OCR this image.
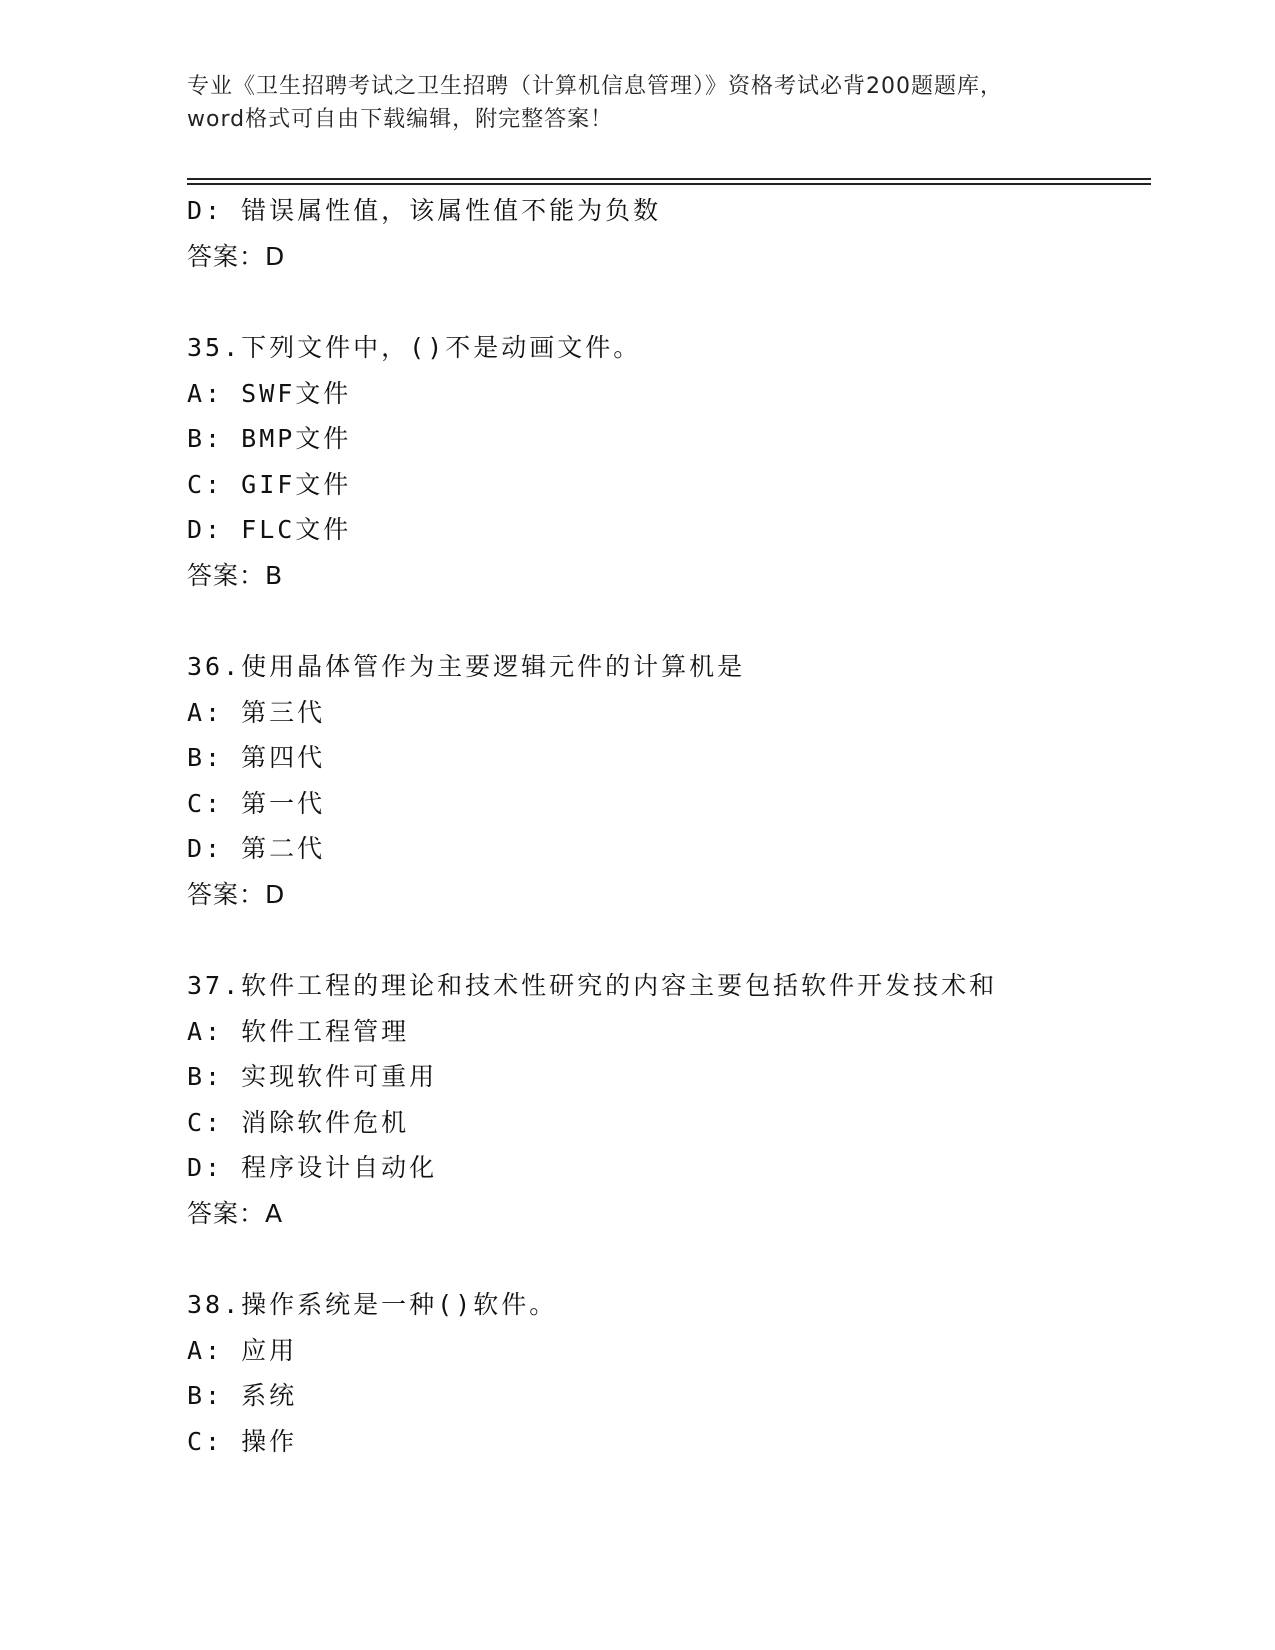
专业《卫生招聘考试之卫生招聘（计算机信息管理）》资格考试必背200题题库，
word格式可自由下载编辑，附完整答案！
D: 错误属性值，该属性值不能为负数
答案：D
35.下列文件中，()不是动画文件。
A: SWF文件
B: BMP文件
C: GIF文件
D: FLC文件
答案：B
36.使用晶体管作为主要逻辑元件的计算机是
A: 第三代
B: 第四代
C: 第一代
D: 第二代
答案：D
37.软件工程的理论和技术性研究的内容主要包括软件开发技术和
A: 软件工程管理
B: 实现软件可重用
C: 消除软件危机
D: 程序设计自动化
答案：A
38.操作系统是一种()软件。
A: 应用
B: 系统
C: 操作
